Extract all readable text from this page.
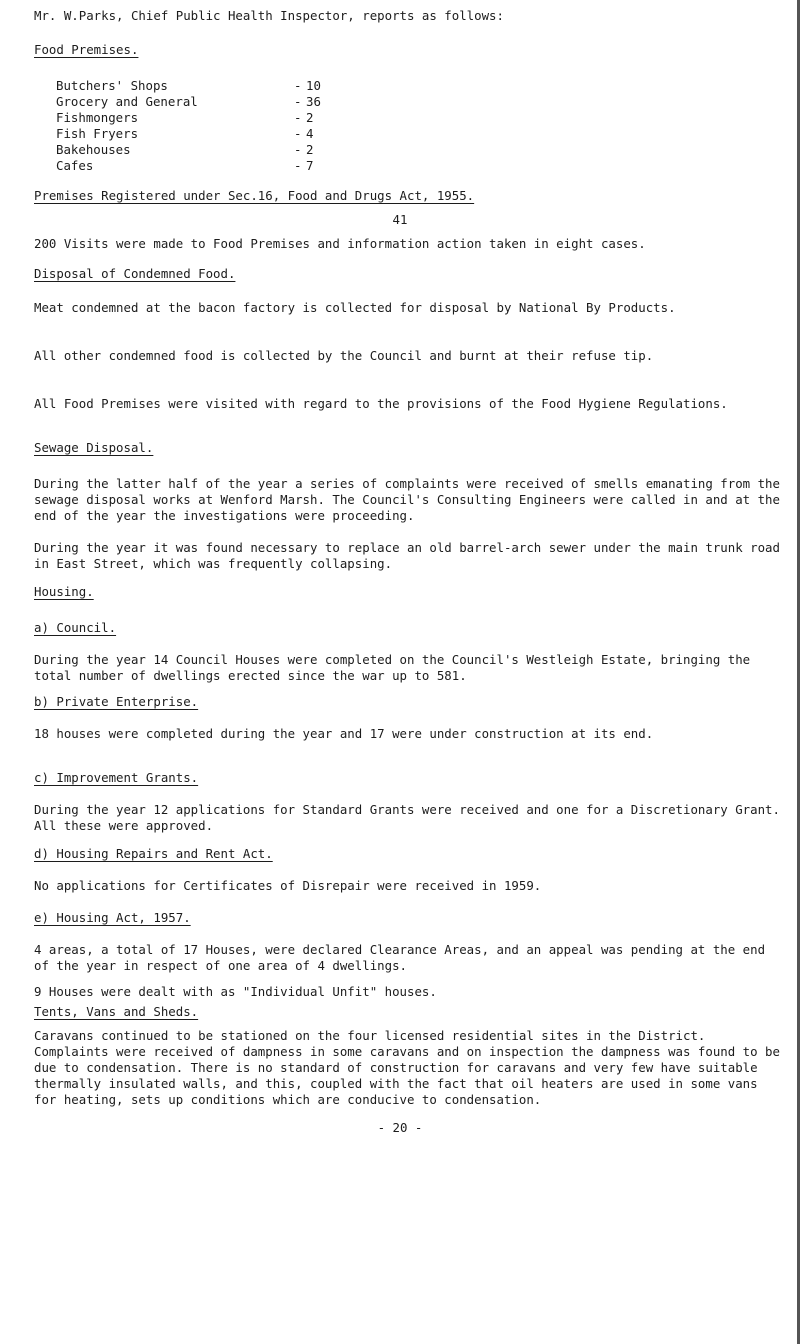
Mr. W.Parks, Chief Public Health Inspector, reports as follows:

Food Premises.

Butchers' Shops	- 10
Grocery and General	- 36
Fishmongers	- 2
Fish Fryers	- 4
Bakehouses	- 2
Cafes	- 7

Premises Registered under Sec.16, Food and Drugs Act, 1955.

41

200 Visits were made to Food Premises and information action taken in eight cases.

Disposal of Condemned Food.

Meat condemned at the bacon factory is collected for disposal by National By Products.

All other condemned food is collected by the Council and burnt at their refuse tip.

All Food Premises were visited with regard to the provisions of the Food Hygiene Regulations.

Sewage Disposal.

During the latter half of the year a series of complaints were received of smells emanating from the sewage disposal works at Wenford Marsh. The Council's Consulting Engineers were called in and at the end of the year the investigations were proceeding.

During the year it was found necessary to replace an old barrel-arch sewer under the main trunk road in East Street, which was frequently collapsing.

Housing.

a) Council.

During the year 14 Council Houses were completed on the Council's Westleigh Estate, bringing the total number of dwellings erected since the war up to 581.

b) Private Enterprise.

18 houses were completed during the year and 17 were under construction at its end.

c) Improvement Grants.

During the year 12 applications for Standard Grants were received and one for a Discretionary Grant. All these were approved.

d) Housing Repairs and Rent Act.

No applications for Certificates of Disrepair were received in 1959.

e) Housing Act, 1957.

4 areas, a total of 17 Houses, were declared Clearance Areas, and an appeal was pending at the end of the year in respect of one area of 4 dwellings.

9 Houses were dealt with as "Individual Unfit" houses.

Tents, Vans and Sheds.

Caravans continued to be stationed on the four licensed residential sites in the District. Complaints were received of dampness in some caravans and on inspection the dampness was found to be due to condensation. There is no standard of construction for caravans and very few have suitable thermally insulated walls, and this, coupled with the fact that oil heaters are used in some vans for heating, sets up conditions which are conducive to condensation.

- 20 -
